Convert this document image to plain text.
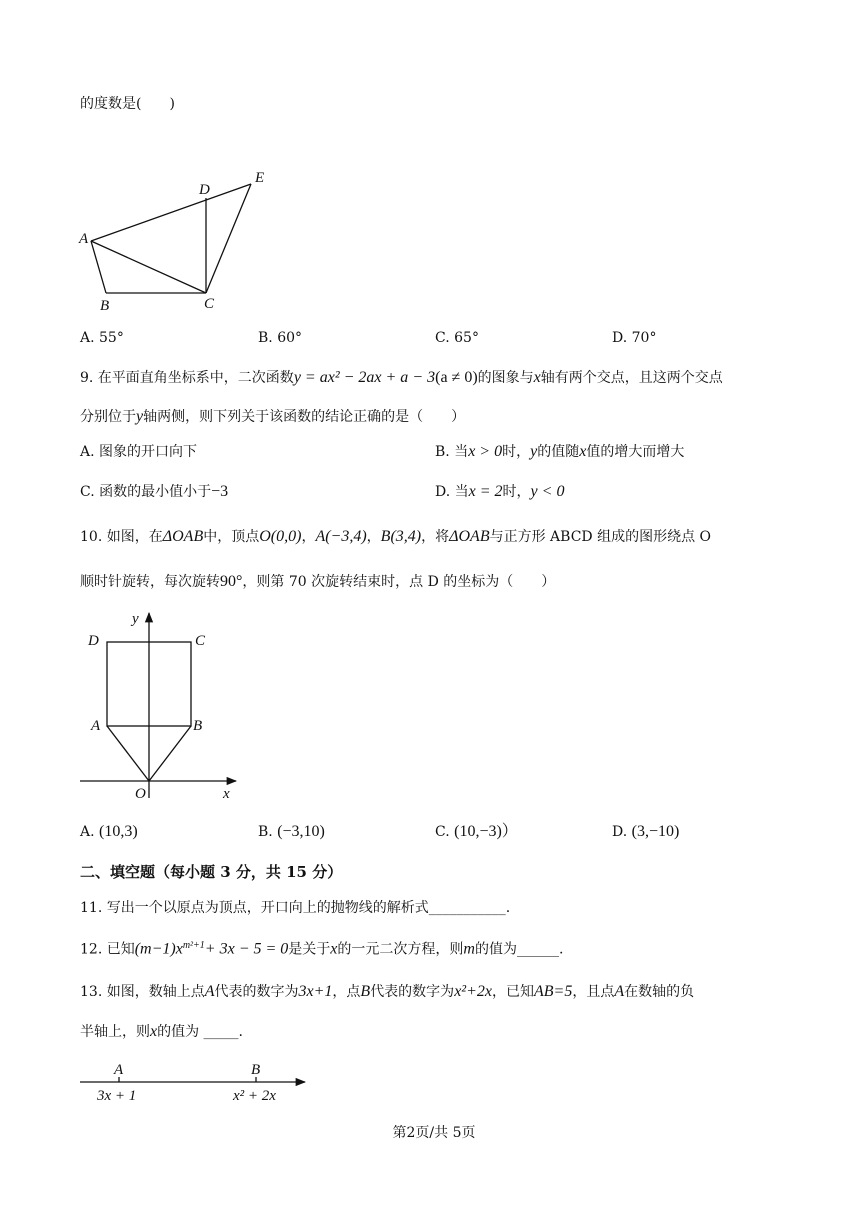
的度数是(　　)
A
B	C
D
E
A. 55°	B. 60°	C. 65°	D. 70°
9. 在平面直角坐标系中，二次函数y = ax² − 2ax + a − 3(a ≠ 0)的图象与x轴有两个交点，且这两个交点
分别位于y轴两侧，则下列关于该函数的结论正确的是（　　）
A. 图象的开口向下	B. 当x > 0时，y的值随x值的增大而增大
C. 函数的最小值小于−3	D. 当x = 2时，y < 0
10. 如图，在ΔOAB中，顶点O(0,0)，A(−3,4)，B(3,4)，将ΔOAB与正方形 ABCD 组成的图形绕点 O
顺时针旋转，每次旋转90°，则第 70 次旋转结束时，点 D 的坐标为（　　）
D	C
A	B
O	x
y
A. (10,3)	B. (−3,10)	C. (10,−3)）	D. (3,−10)
二、填空题（每小题 3 分，共 15 分）
11. 写出一个以原点为顶点，开口向上的抛物线的解析式___________.
12. 已知$(m-1)x^{m^2+1}+ 3x - 5 = 0$是关于x的一元二次方程，则m的值为______.
13. 如图，数轴上点A代表的数字为3x+1，点B代表的数字为x²+2x，已知AB=5，且点A在数轴的负
半轴上，则x的值为 _____.
A	B
3x + 1	x² + 2x
第2页/共 5页
